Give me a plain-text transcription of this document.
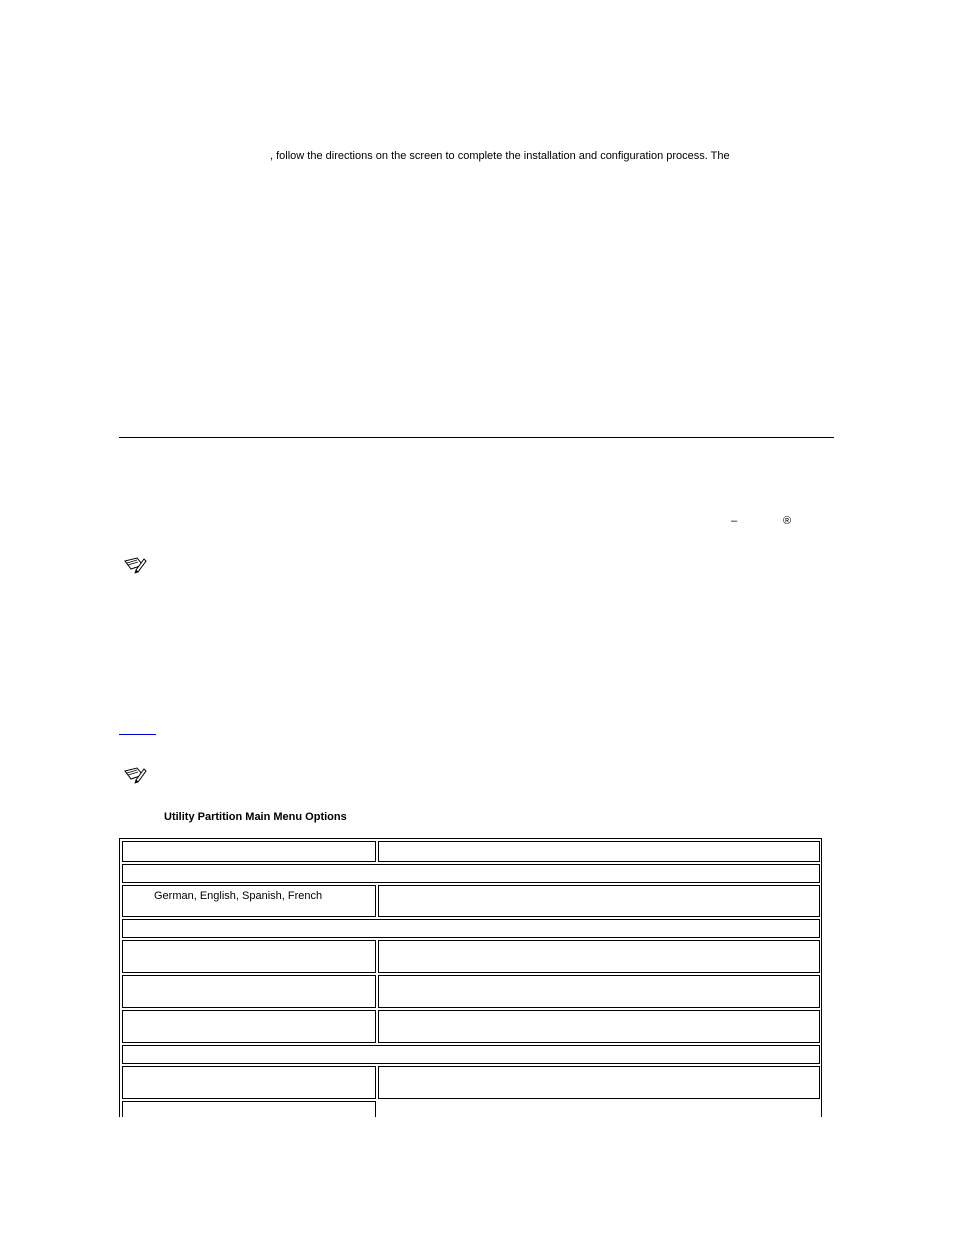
, follow the directions on the screen to complete the installation and configuration process. The
–	®
Utility Partition Main Menu Options
German, English, Spanish, French
